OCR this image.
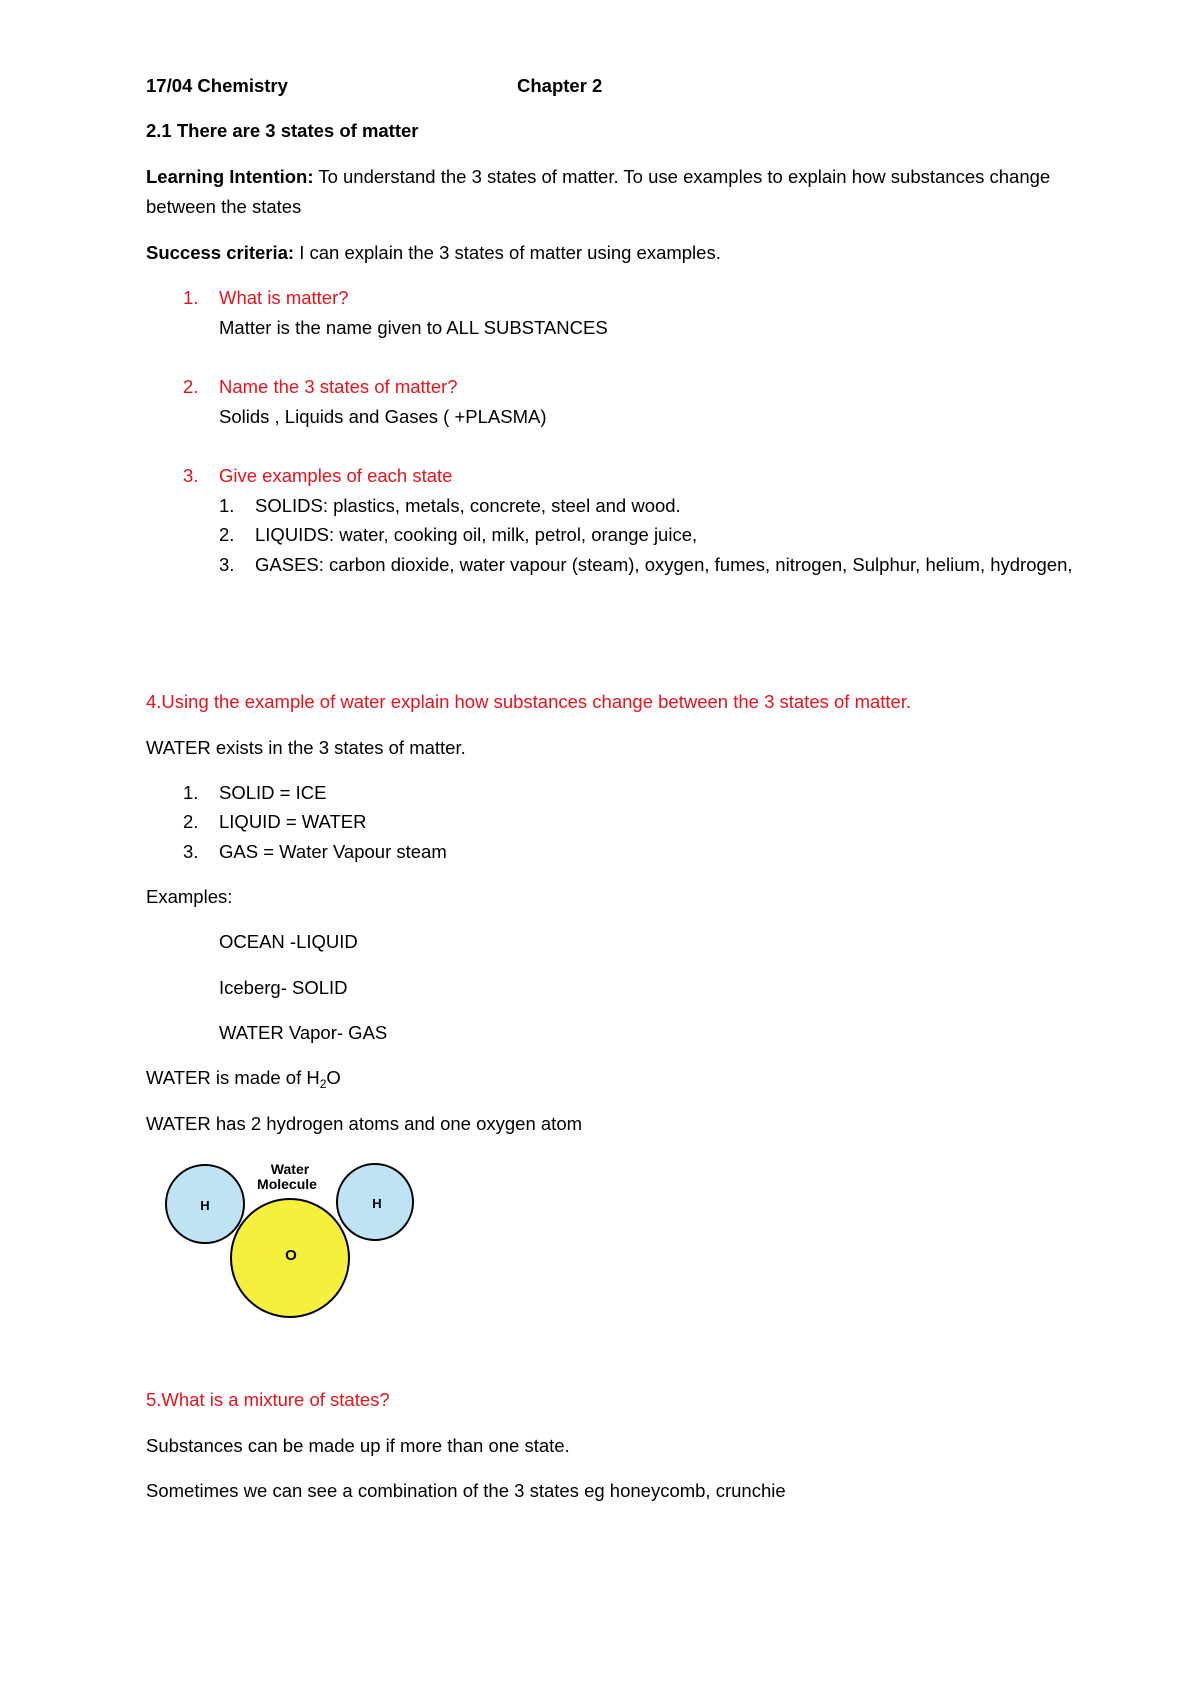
17/04 Chemistry	Chapter 2
2.1 There are 3 states of matter
Learning Intention: To understand the 3 states of matter. To use examples to explain how substances change
between the states
Success criteria: I can explain the 3 states of matter using examples.
1. What is matter?
Matter is the name given to ALL SUBSTANCES
2. Name the 3 states of matter?
Solids , Liquids and Gases ( +PLASMA)
3. Give examples of each state
1. SOLIDS: plastics, metals, concrete, steel and wood.
2. LIQUIDS: water, cooking oil, milk, petrol, orange juice,
3. GASES: carbon dioxide, water vapour (steam), oxygen, fumes, nitrogen, Sulphur, helium, hydrogen,
4.Using the example of water explain how substances change between the 3 states of matter.
WATER exists in the 3 states of matter.
1. SOLID = ICE
2. LIQUID = WATER
3. GAS = Water Vapour steam
Examples:
OCEAN -LIQUID
Iceberg- SOLID
WATER Vapor- GAS
WATER is made of $H_2O$
WATER has 2 hydrogen atoms and one oxygen atom
Water
Molecule
H	H
O
5.What is a mixture of states?
Substances can be made up if more than one state.
Sometimes we can see a combination of the 3 states eg honeycomb, crunchie
